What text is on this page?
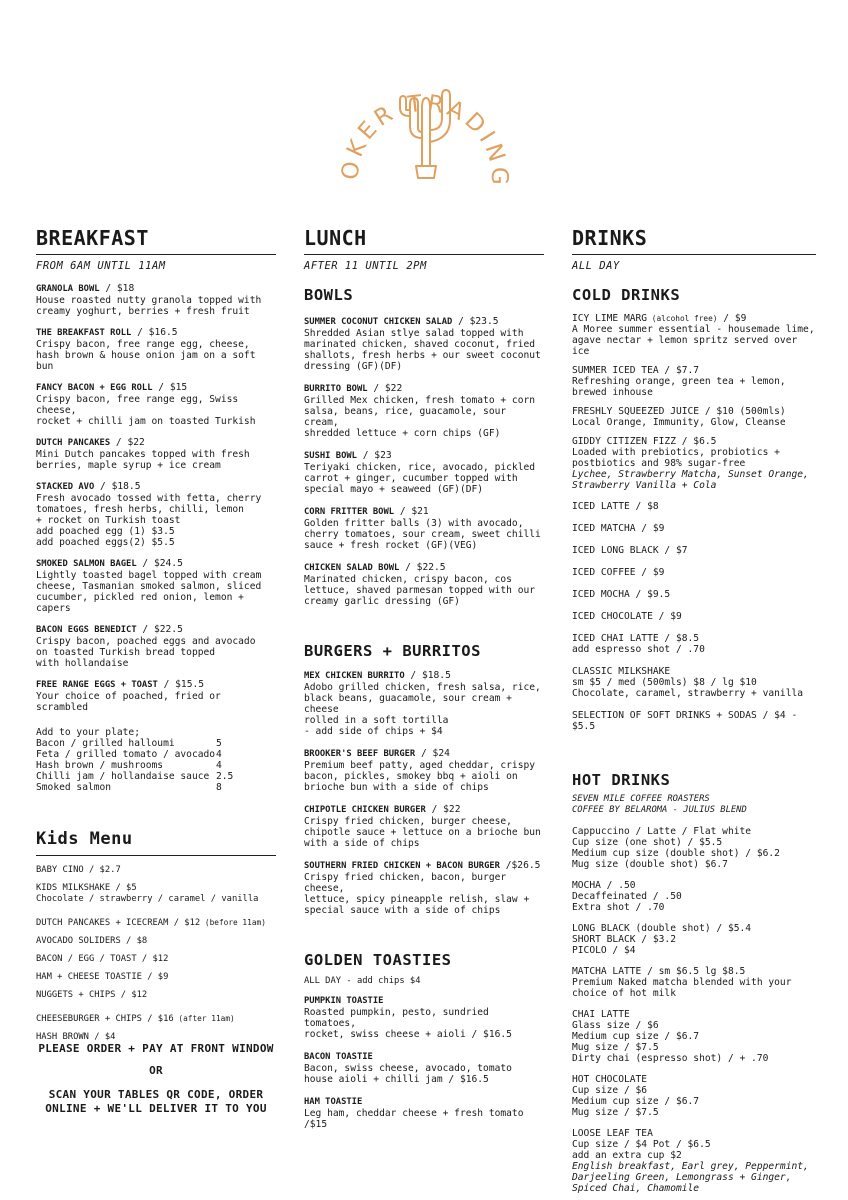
OKER TRADING
BREAKFAST
FROM 6AM UNTIL 11AM
GRANOLA BOWL / $18
House roasted nutty granola topped with
creamy yoghurt, berries + fresh fruit
THE BREAKFAST ROLL / $16.5
Crispy bacon, free range egg, cheese,
hash brown & house onion jam on a soft bun
FANCY BACON + EGG ROLL / $15
Crispy bacon, free range egg, Swiss cheese,
rocket + chilli jam on toasted Turkish
DUTCH PANCAKES / $22
Mini Dutch pancakes topped with fresh
berries, maple syrup + ice cream
STACKED AVO / $18.5
Fresh avocado tossed with fetta, cherry
tomatoes, fresh herbs, chilli, lemon
+ rocket on Turkish toast
add poached egg (1) $3.5
add poached eggs(2) $5.5
SMOKED SALMON BAGEL / $24.5
Lightly toasted bagel topped with cream
cheese, Tasmanian smoked salmon, sliced
cucumber, pickled red onion, lemon + capers
BACON EGGS BENEDICT / $22.5
Crispy bacon, poached eggs and avocado
on toasted Turkish bread topped
with hollandaise
FREE RANGE EGGS + TOAST / $15.5
Your choice of poached, fried or scrambled
Add to your plate;
Bacon / grilled halloumi	5
Feta / grilled tomato / avocado 4
Hash brown / mushrooms	4
Chilli jam / hollandaise sauce 2.5
Smoked salmon	8
Kids Menu
BABY CINO / $2.7
KIDS MILKSHAKE / $5
Chocolate / strawberry / caramel / vanilla
DUTCH PANCAKES + ICECREAM / $12 (before 11am)
AVOCADO SOLIDERS / $8
BACON / EGG / TOAST / $12
HAM + CHEESE TOASTIE / $9
NUGGETS + CHIPS / $12
CHEESEBURGER + CHIPS / $16 (after 11am)
HASH BROWN / $4
PLEASE ORDER + PAY AT FRONT WINDOW
OR
SCAN YOUR TABLES QR CODE, ORDER ONLINE + WE'LL DELIVER IT TO YOU
LUNCH
AFTER 11 UNTIL 2PM
BOWLS
SUMMER COCONUT CHICKEN SALAD / $23.5
Shredded Asian stlye salad topped with
marinated chicken, shaved coconut, fried
shallots, fresh herbs + our sweet coconut
dressing (GF)(DF)
BURRITO BOWL / $22
Grilled Mex chicken, fresh tomato + corn
salsa, beans, rice, guacamole, sour cream,
shredded lettuce + corn chips (GF)
SUSHI BOWL / $23
Teriyaki chicken, rice, avocado, pickled
carrot + ginger, cucumber topped with
special mayo + seaweed (GF)(DF)
CORN FRITTER BOWL / $21
Golden fritter balls (3) with avocado,
cherry tomatoes, sour cream, sweet chilli
sauce + fresh rocket (GF)(VEG)
CHICKEN SALAD BOWL / $22.5
Marinated chicken, crispy bacon, cos
lettuce, shaved parmesan topped with our
creamy garlic dressing (GF)
BURGERS + BURRITOS
MEX CHICKEN BURRITO / $18.5
Adobo grilled chicken, fresh salsa, rice,
black beans, guacamole, sour cream + cheese
rolled in a soft tortilla
- add side of chips + $4
BROOKER'S BEEF BURGER / $24
Premium beef patty, aged cheddar, crispy
bacon, pickles, smokey bbq + aioli on
brioche bun with a side of chips
CHIPOTLE CHICKEN BURGER / $22
Crispy fried chicken, burger cheese,
chipotle sauce + lettuce on a brioche bun
with a side of chips
SOUTHERN FRIED CHICKEN + BACON BURGER /$26.5
Crispy fried chicken, bacon, burger cheese,
lettuce, spicy pineapple relish, slaw +
special sauce with a side of chips
GOLDEN TOASTIES
ALL DAY - add chips $4
PUMPKIN TOASTIE
Roasted pumpkin, pesto, sundried tomatoes,
rocket, swiss cheese + aioli / $16.5
BACON TOASTIE
Bacon, swiss cheese, avocado, tomato
house aioli + chilli jam / $16.5
HAM TOASTIE
Leg ham, cheddar cheese + fresh tomato /$15
DRINKS
ALL DAY
COLD DRINKS
ICY LIME MARG (alcohol free) / $9
A Moree summer essential - housemade lime,
agave nectar + lemon spritz served over ice
SUMMER ICED TEA / $7.7
Refreshing orange, green tea + lemon,
brewed inhouse
FRESHLY SQUEEZED JUICE / $10 (500mls)
Local Orange, Immunity, Glow, Cleanse
GIDDY CITIZEN FIZZ / $6.5
Loaded with prebiotics, probiotics +
postbiotics and 98% sugar-free
Lychee, Strawberry Matcha, Sunset Orange,
Strawberry Vanilla + Cola
ICED LATTE / $8
ICED MATCHA / $9
ICED LONG BLACK / $7
ICED COFFEE / $9
ICED MOCHA / $9.5
ICED CHOCOLATE / $9
ICED CHAI LATTE / $8.5
add espresso shot / .70
CLASSIC MILKSHAKE
sm $5 / med (500mls) $8 / lg $10
Chocolate, caramel, strawberry + vanilla
SELECTION OF SOFT DRINKS + SODAS / $4 - $5.5
HOT DRINKS
SEVEN MILE COFFEE ROASTERS
COFFEE BY BELAROMA - JULIUS BLEND
Cappuccino / Latte / Flat white
Cup size (one shot) / $5.5
Medium cup size (double shot) / $6.2
Mug size (double shot) $6.7
MOCHA / .50
Decaffeinated / .50
Extra shot / .70
LONG BLACK (double shot) / $5.4
SHORT BLACK / $3.2
PICOLO / $4
MATCHA LATTE / sm $6.5 lg $8.5
Premium Naked matcha blended with your
choice of hot milk
CHAI LATTE
Glass size / $6
Medium cup size / $6.7
Mug size / $7.5
Dirty chai (espresso shot) / + .70
HOT CHOCOLATE
Cup size / $6
Medium cup size / $6.7
Mug size / $7.5
LOOSE LEAF TEA
Cup size / $4 Pot / $6.5
add an extra cup $2
English breakfast, Earl grey, Peppermint,
Darjeeling Green, Lemongrass + Ginger,
Spiced Chai, Chamomile
